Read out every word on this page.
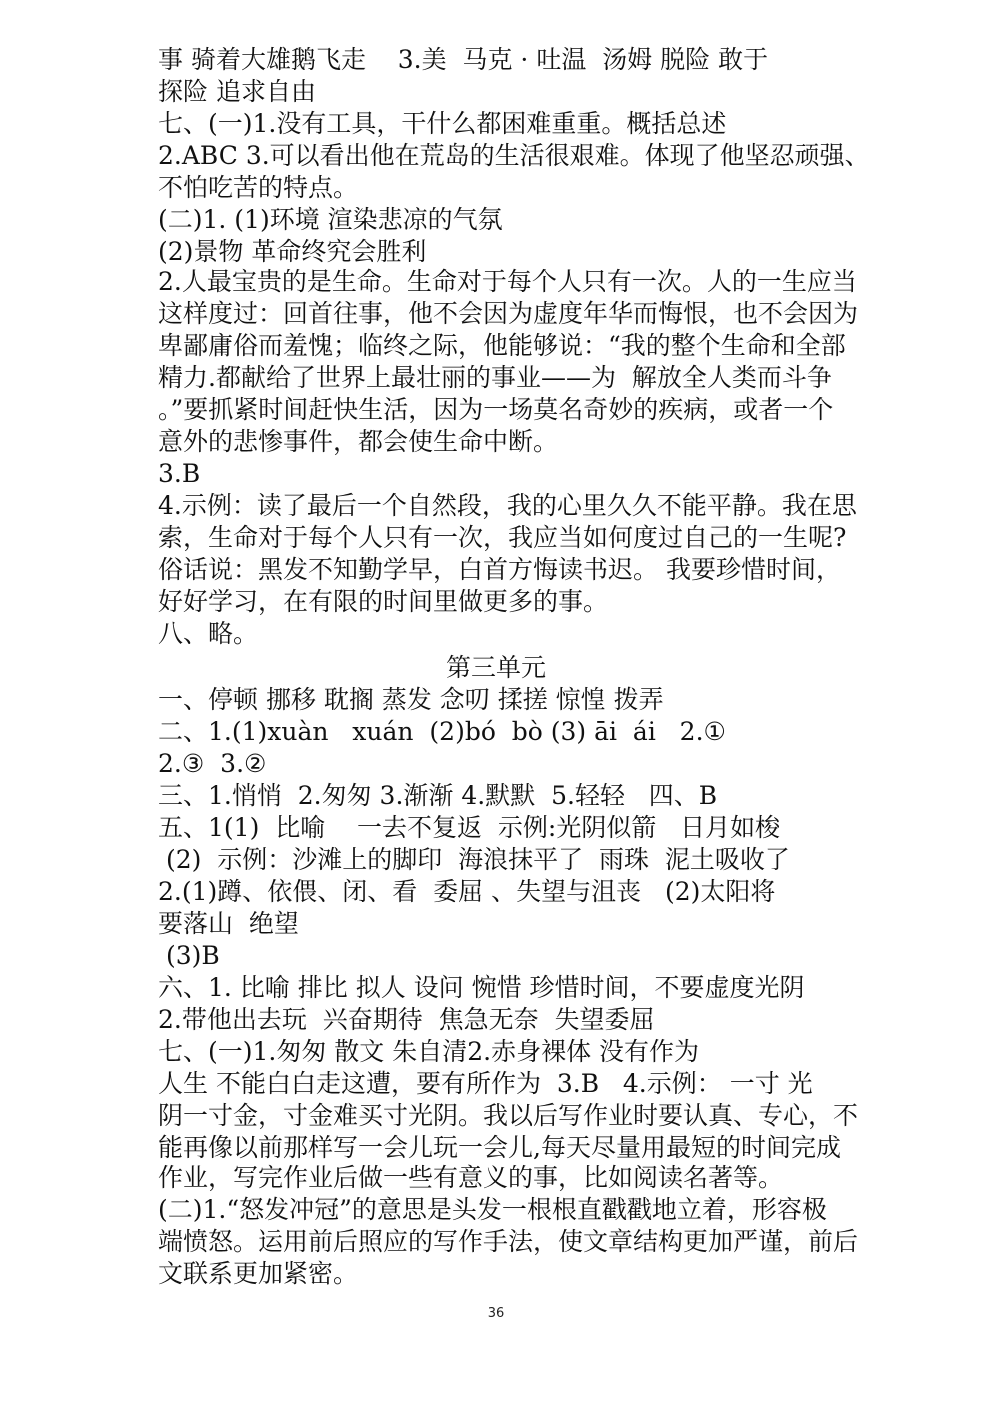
事 骑着大雄鹅飞走    3.美  马克 · 吐温  汤姆 脱险 敢于
探险 追求自由
七、(一)1.没有工具，干什么都困难重重。概括总述
2.ABC 3.可以看出他在荒岛的生活很艰难。体现了他坚忍顽强、
不怕吃苦的特点。
(二)1. (1)环境 渲染悲凉的气氛
(2)景物 革命终究会胜利
2.人最宝贵的是生命。生命对于每个人只有一次。人的一生应当
这样度过：回首往事，他不会因为虚度年华而悔恨，也不会因为
卑鄙庸俗而羞愧；临终之际，他能够说：“我的整个生命和全部
精力.都献给了世界上最壮丽的事业——为  解放全人类而斗争
。”要抓紧时间赶快生活，因为一场莫名奇妙的疾病，或者一个
意外的悲惨事件，都会使生命中断。
3.B
4.示例：读了最后一个自然段，我的心里久久不能平静。我在思
索，生命对于每个人只有一次，我应当如何度过自己的一生呢?
俗话说：黑发不知勤学早，白首方悔读书迟。 我要珍惜时间，
好好学习，在有限的时间里做更多的事。
八、略。
第三单元
一、停顿 挪移 耽搁 蒸发 念叨 揉搓 惊惶 拨弄
二、1.(1)xuàn   xuán  (2)bó  bò (3) āi  ái   2.①
2.③  3.②
三、1.悄悄  2.匆匆 3.渐渐 4.默默  5.轻轻   四、B
五、1(1)  比喻    一去不复返  示例:光阴似箭   日月如梭
(2)  示例：沙滩上的脚印  海浪抹平了  雨珠  泥土吸收了
2.(1)蹲、依偎、闭、看  委屈 、失望与沮丧   (2)太阳将
要落山  绝望
(3)B
六、1. 比喻 排比 拟人 设问 惋惜 珍惜时间，不要虚度光阴
2.带他出去玩  兴奋期待  焦急无奈  失望委屈
七、(一)1.匆匆 散文 朱自清2.赤身裸体 没有作为
人生 不能白白走这遭，要有所作为  3.B   4.示例： 一寸 光
阴一寸金，寸金难买寸光阴。我以后写作业时要认真、专心，不
能再像以前那样写一会儿玩一会儿,每天尽量用最短的时间完成
作业，写完作业后做一些有意义的事，比如阅读名著等。
(二)1.“怒发冲冠”的意思是头发一根根直戳戳地立着，形容极
端愤怒。运用前后照应的写作手法，使文章结构更加严谨，前后
文联系更加紧密。
36
